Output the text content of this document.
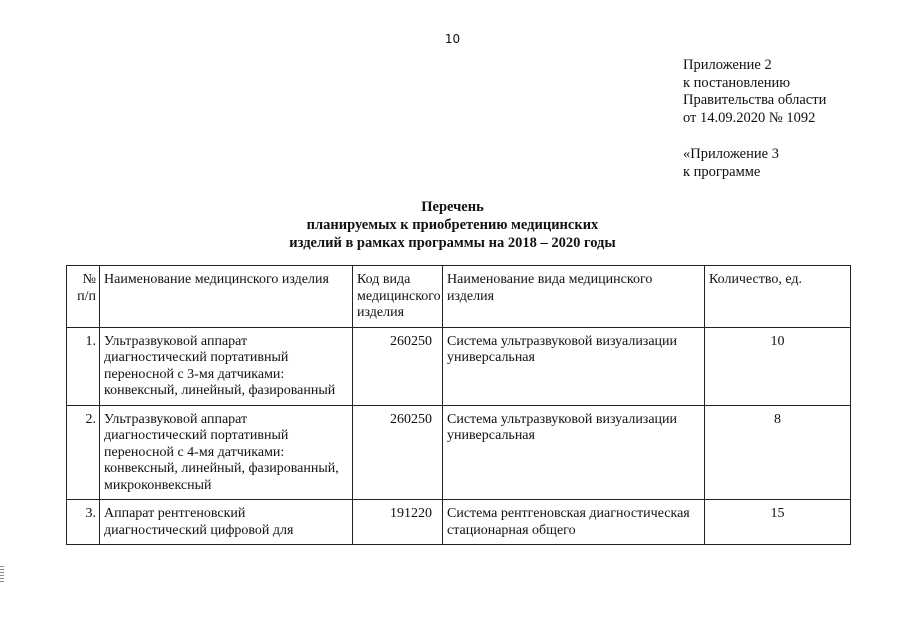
10
Приложение 2
к постановлению
Правительства области
от 14.09.2020 № 1092
«Приложение 3
к программе
Перечень
планируемых к приобретению медицинских
изделий в рамках программы на 2018 – 2020 годы
№ п/п	Наименование медицинского изделия	Код вида медицинского изделия	Наименование вида медицинского изделия	Количество, ед.
1.	Ультразвуковой аппарат диагностический портативный переносной с 3-мя датчиками: конвексный, линейный, фазированный	260250	Система ультразвуковой визуализации универсальная	10
2.	Ультразвуковой аппарат диагностический портативный переносной с 4-мя датчиками: конвексный, линейный, фазированный, микроконвексный	260250	Система ультразвуковой визуализации универсальная	8
3.	Аппарат рентгеновский диагностический цифровой для	191220	Система рентгеновская диагностическая стационарная общего	15
